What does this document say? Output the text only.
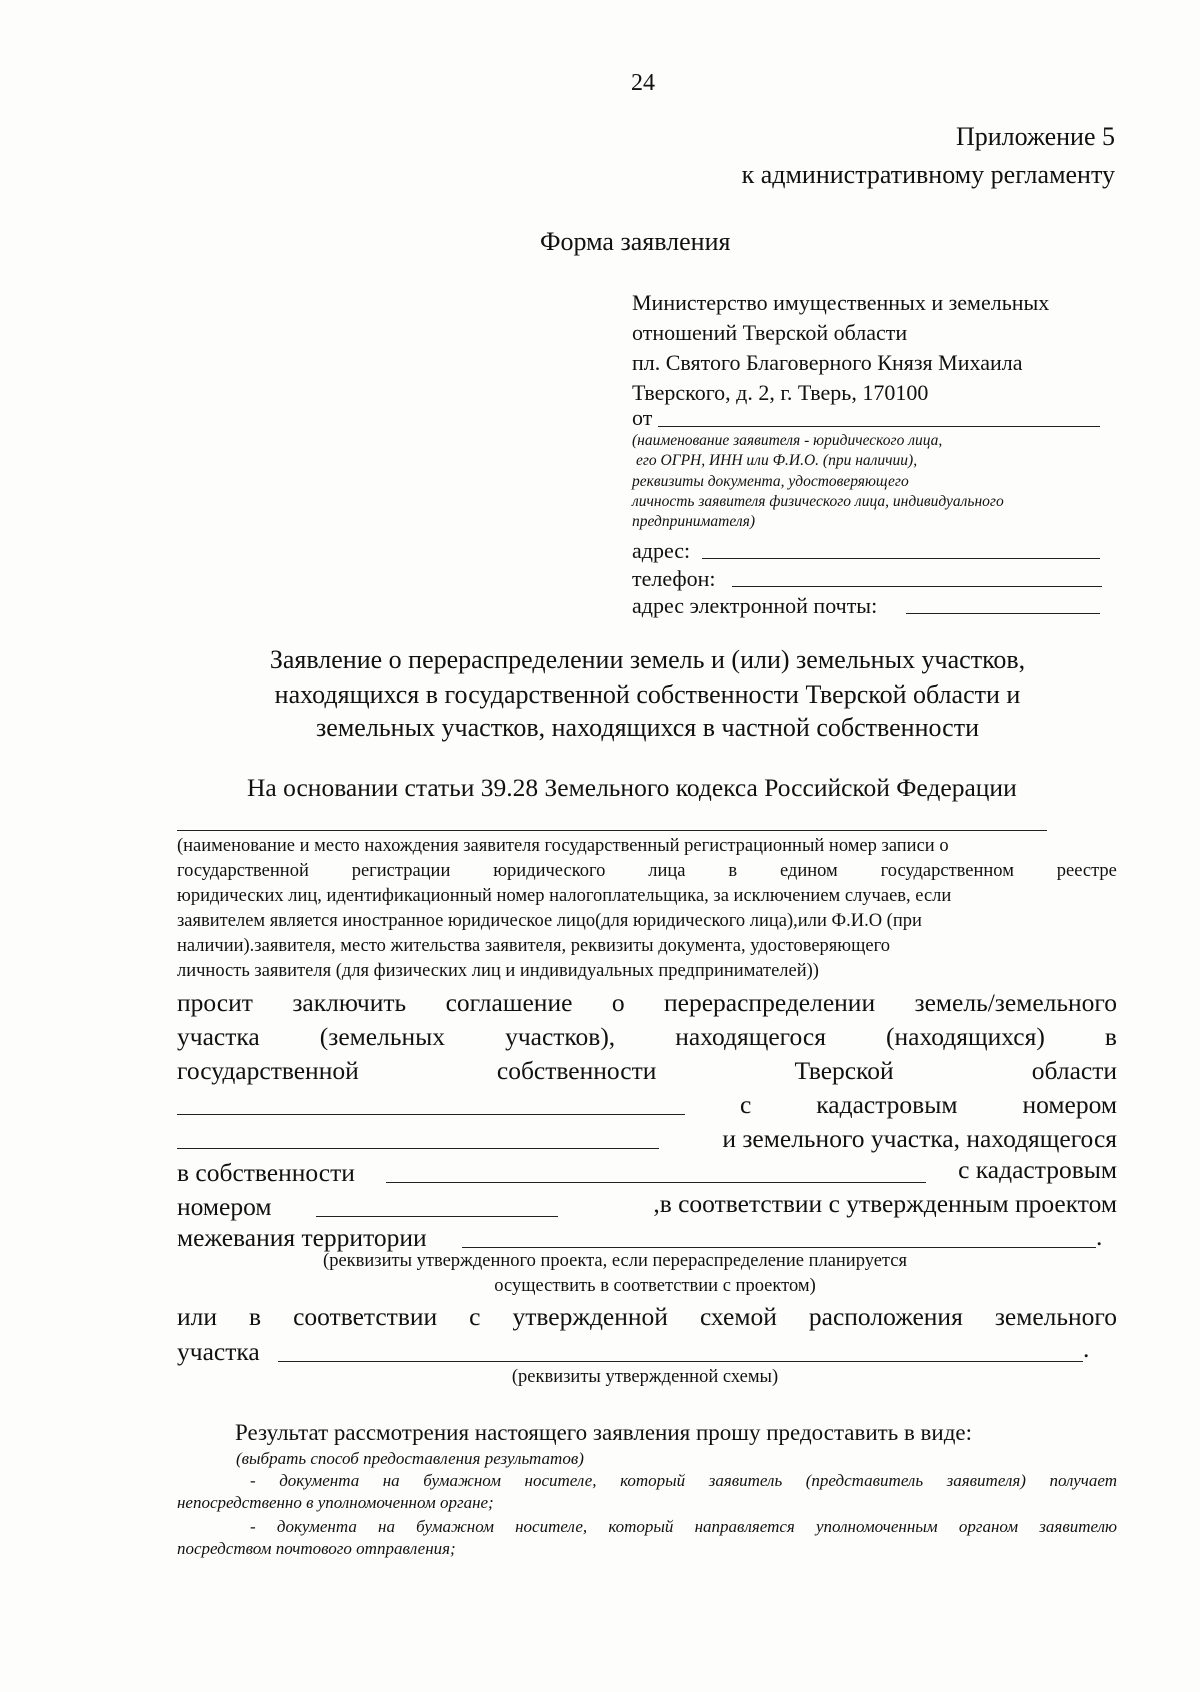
24
Приложение 5
к административному регламенту
Форма заявления
Министерство имущественных и земельных
отношений Тверской области
пл. Святого Благоверного Князя Михаила
Тверского, д. 2, г. Тверь, 170100
от
(наименование заявителя - юридического лица,
его ОГРН, ИНН или Ф.И.О. (при наличии),
реквизиты документа, удостоверяющего
личность заявителя физического лица, индивидуального
предпринимателя)
адрес:
телефон:
адрес электронной почты:
Заявление о перераспределении земель и (или) земельных участков,
находящихся в государственной собственности Тверской области и
земельных участков, находящихся в частной собственности
На основании статьи 39.28 Земельного кодекса Российской Федерации
(наименование и место нахождения заявителя государственный регистрационный номер записи о
государственной регистрации юридического лица в едином государственном реестре
юридических лиц, идентификационный номер налогоплательщика, за исключением случаев, если
заявителем является иностранное юридическое лицо(для юридического лица),или Ф.И.О (при
наличии).заявителя, место жительства заявителя, реквизиты документа, удостоверяющего
личность заявителя (для физических лиц и индивидуальных предпринимателей))
просит заключить соглашение о перераспределении земель/земельного
участка (земельных участков), находящегося (находящихся) в
государственной	собственности	Тверской	области
с	кадастровым	номером
и земельного участка, находящегося
в собственности	с кадастровым
номером	,в соответствии с утвержденным проектом
межевания территории	.
(реквизиты утвержденного проекта, если перераспределение планируется
осуществить в соответствии с проектом)
или в соответствии с утвержденной схемой расположения земельного
участка	.
(реквизиты утвержденной схемы)
Результат рассмотрения настоящего заявления прошу предоставить в виде:
(выбрать способ предоставления результатов)
- документа на бумажном носителе, который заявитель (представитель заявителя) получает
непосредственно в уполномоченном органе;
- документа на бумажном носителе, который направляется уполномоченным органом заявителю
посредством почтового отправления;
